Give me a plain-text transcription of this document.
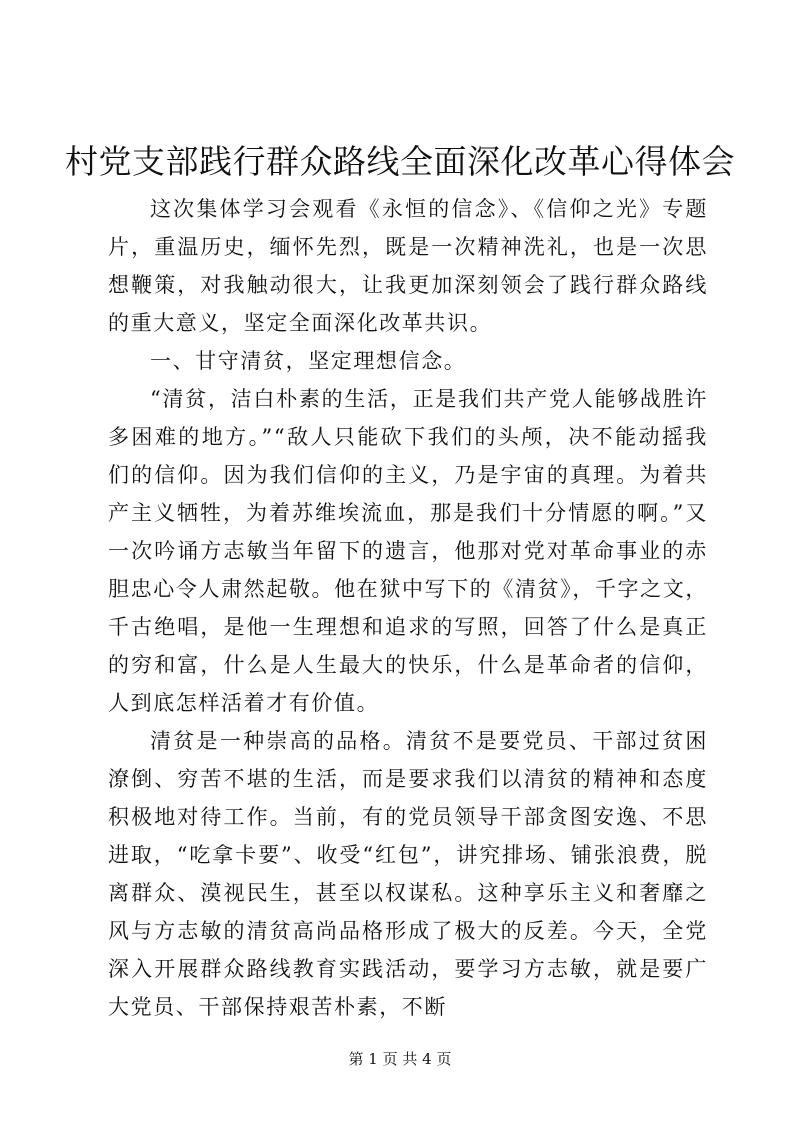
村党支部践行群众路线全面深化改革心得体会

这次集体学习会观看《永恒的信念》、《信仰之光》专题片，重温历史，缅怀先烈，既是一次精神洗礼，也是一次思想鞭策，对我触动很大，让我更加深刻领会了践行群众路线的重大意义，坚定全面深化改革共识。

一、甘守清贫，坚定理想信念。

“清贫，洁白朴素的生活，正是我们共产党人能够战胜许多困难的地方。”“敌人只能砍下我们的头颅，决不能动摇我们的信仰。因为我们信仰的主义，乃是宇宙的真理。为着共产主义牺牲，为着苏维埃流血，那是我们十分情愿的啊。”又一次吟诵方志敏当年留下的遗言，他那对党对革命事业的赤胆忠心令人肃然起敬。他在狱中写下的《清贫》，千字之文，千古绝唱，是他一生理想和追求的写照，回答了什么是真正的穷和富，什么是人生最大的快乐，什么是革命者的信仰，人到底怎样活着才有价值。

清贫是一种崇高的品格。清贫不是要党员、干部过贫困潦倒、穷苦不堪的生活，而是要求我们以清贫的精神和态度积极地对待工作。当前，有的党员领导干部贪图安逸、不思进取，“吃拿卡要”、收受“红包”，讲究排场、铺张浪费，脱离群众、漠视民生，甚至以权谋私。这种享乐主义和奢靡之风与方志敏的清贫高尚品格形成了极大的反差。今天，全党深入开展群众路线教育实践活动，要学习方志敏，就是要广大党员、干部保持艰苦朴素，不断

第 1 页 共 4 页
